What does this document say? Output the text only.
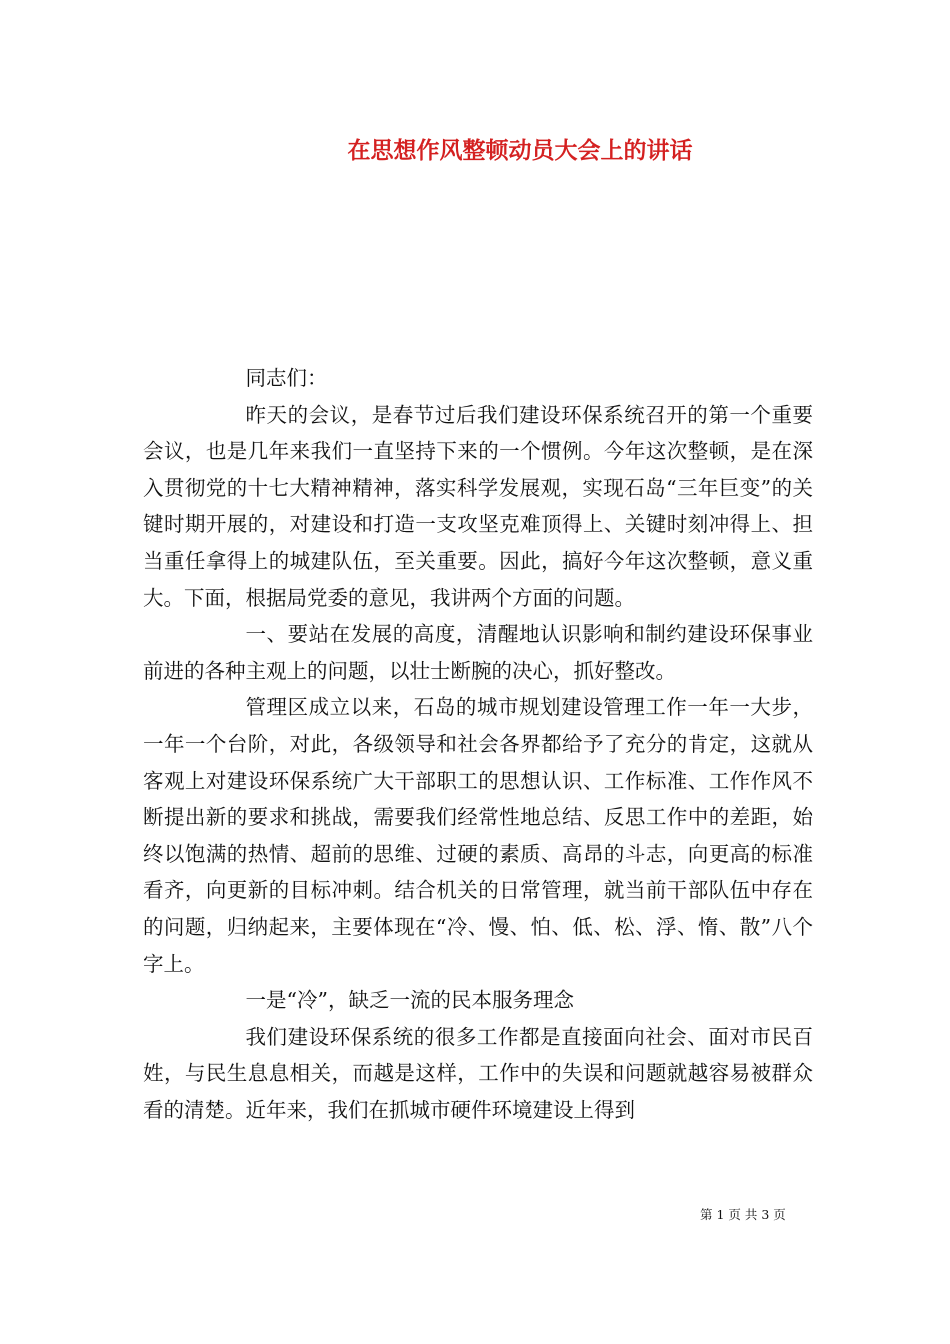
在思想作风整顿动员大会上的讲话

同志们：

昨天的会议，是春节过后我们建设环保系统召开的第一个重要会议，也是几年来我们一直坚持下来的一个惯例。今年这次整顿，是在深入贯彻党的十七大精神精神，落实科学发展观，实现石岛“三年巨变”的关键时期开展的，对建设和打造一支攻坚克难顶得上、关键时刻冲得上、担当重任拿得上的城建队伍，至关重要。因此，搞好今年这次整顿，意义重大。下面，根据局党委的意见，我讲两个方面的问题。

一、要站在发展的高度，清醒地认识影响和制约建设环保事业前进的各种主观上的问题，以壮士断腕的决心，抓好整改。

管理区成立以来，石岛的城市规划建设管理工作一年一大步，一年一个台阶，对此，各级领导和社会各界都给予了充分的肯定，这就从客观上对建设环保系统广大干部职工的思想认识、工作标准、工作作风不断提出新的要求和挑战，需要我们经常性地总结、反思工作中的差距，始终以饱满的热情、超前的思维、过硬的素质、高昂的斗志，向更高的标准看齐，向更新的目标冲刺。结合机关的日常管理，就当前干部队伍中存在的问题，归纳起来，主要体现在“冷、慢、怕、低、松、浮、惰、散”八个字上。

一是“冷”，缺乏一流的民本服务理念

我们建设环保系统的很多工作都是直接面向社会、面对市民百姓，与民生息息相关，而越是这样，工作中的失误和问题就越容易被群众看的清楚。近年来，我们在抓城市硬件环境建设上得到

第 1 页 共 3 页
